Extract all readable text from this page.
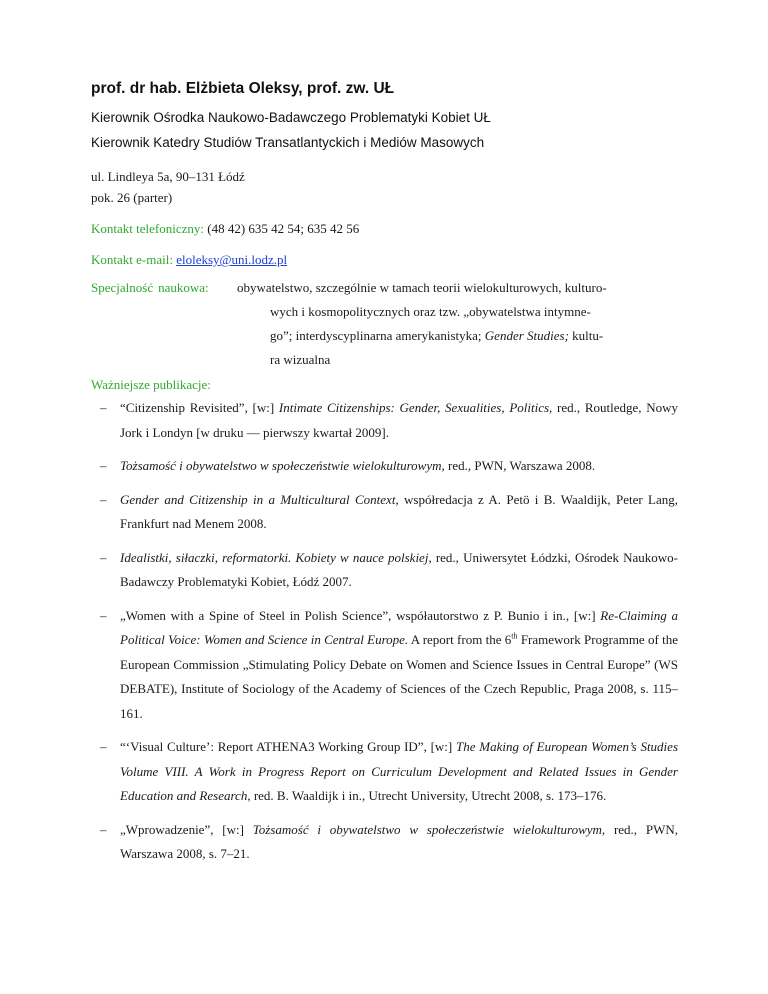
prof. dr hab. Elżbieta Oleksy, prof. zw. UŁ

Kierownik Ośrodka Naukowo-Badawczego Problematyki Kobiet UŁ

Kierownik Katedry Studiów Transatlantyckich i Mediów Masowych

ul. Lindleya 5a, 90–131 Łódź

pok. 26 (parter)

Kontakt telefoniczny: (48 42) 635 42 54; 635 42 56

Kontakt e-mail: eloleksy@uni.lodz.pl

Specjalność naukowa:	obywatelstwo, szczególnie w tamach teorii wielokulturowych, kulturo-
wych i kosmopolitycznych oraz tzw. „obywatelstwa intymne-
go”; interdyscyplinarna amerykanistyka; Gender Studies; kultu-
ra wizualna

Ważniejsze publikacje:

– “Citizenship Revisited”, [w:] Intimate Citizenships: Gender, Sexualities, Politics, red., Routledge, Nowy Jork i Londyn [w druku — pierwszy kwartał 2009].
– Tożsamość i obywatelstwo w społeczeństwie wielokulturowym, red., PWN, Warszawa 2008.
– Gender and Citizenship in a Multicultural Context, współredacja z A. Petö i B. Waaldijk, Peter Lang, Frankfurt nad Menem 2008.
– Idealistki, siłaczki, reformatorki. Kobiety w nauce polskiej, red., Uniwersytet Łódzki, Ośrodek Naukowo-Badawczy Problematyki Kobiet, Łódź 2007.
– „Women with a Spine of Steel in Polish Science”, współautorstwo z P. Bunio i in., [w:] Re-Claiming a Political Voice: Women and Science in Central Europe. A report from the 6th Framework Programme of the European Commission „Stimulating Policy Debate on Women and Science Issues in Central Europe” (WS DEBATE), Institute of Sociology of the Academy of Sciences of the Czech Republic, Praga 2008, s. 115–161.
– “‘Visual Culture’: Report ATHENA3 Working Group ID”, [w:] The Making of European Women’s Studies Volume VIII. A Work in Progress Report on Curriculum Development and Related Issues in Gender Education and Research, red. B. Waaldijk i in., Utrecht University, Utrecht 2008, s. 173–176.
– „Wprowadzenie”, [w:] Tożsamość i obywatelstwo w społeczeństwie wielokulturowym, red., PWN, Warszawa 2008, s. 7–21.
